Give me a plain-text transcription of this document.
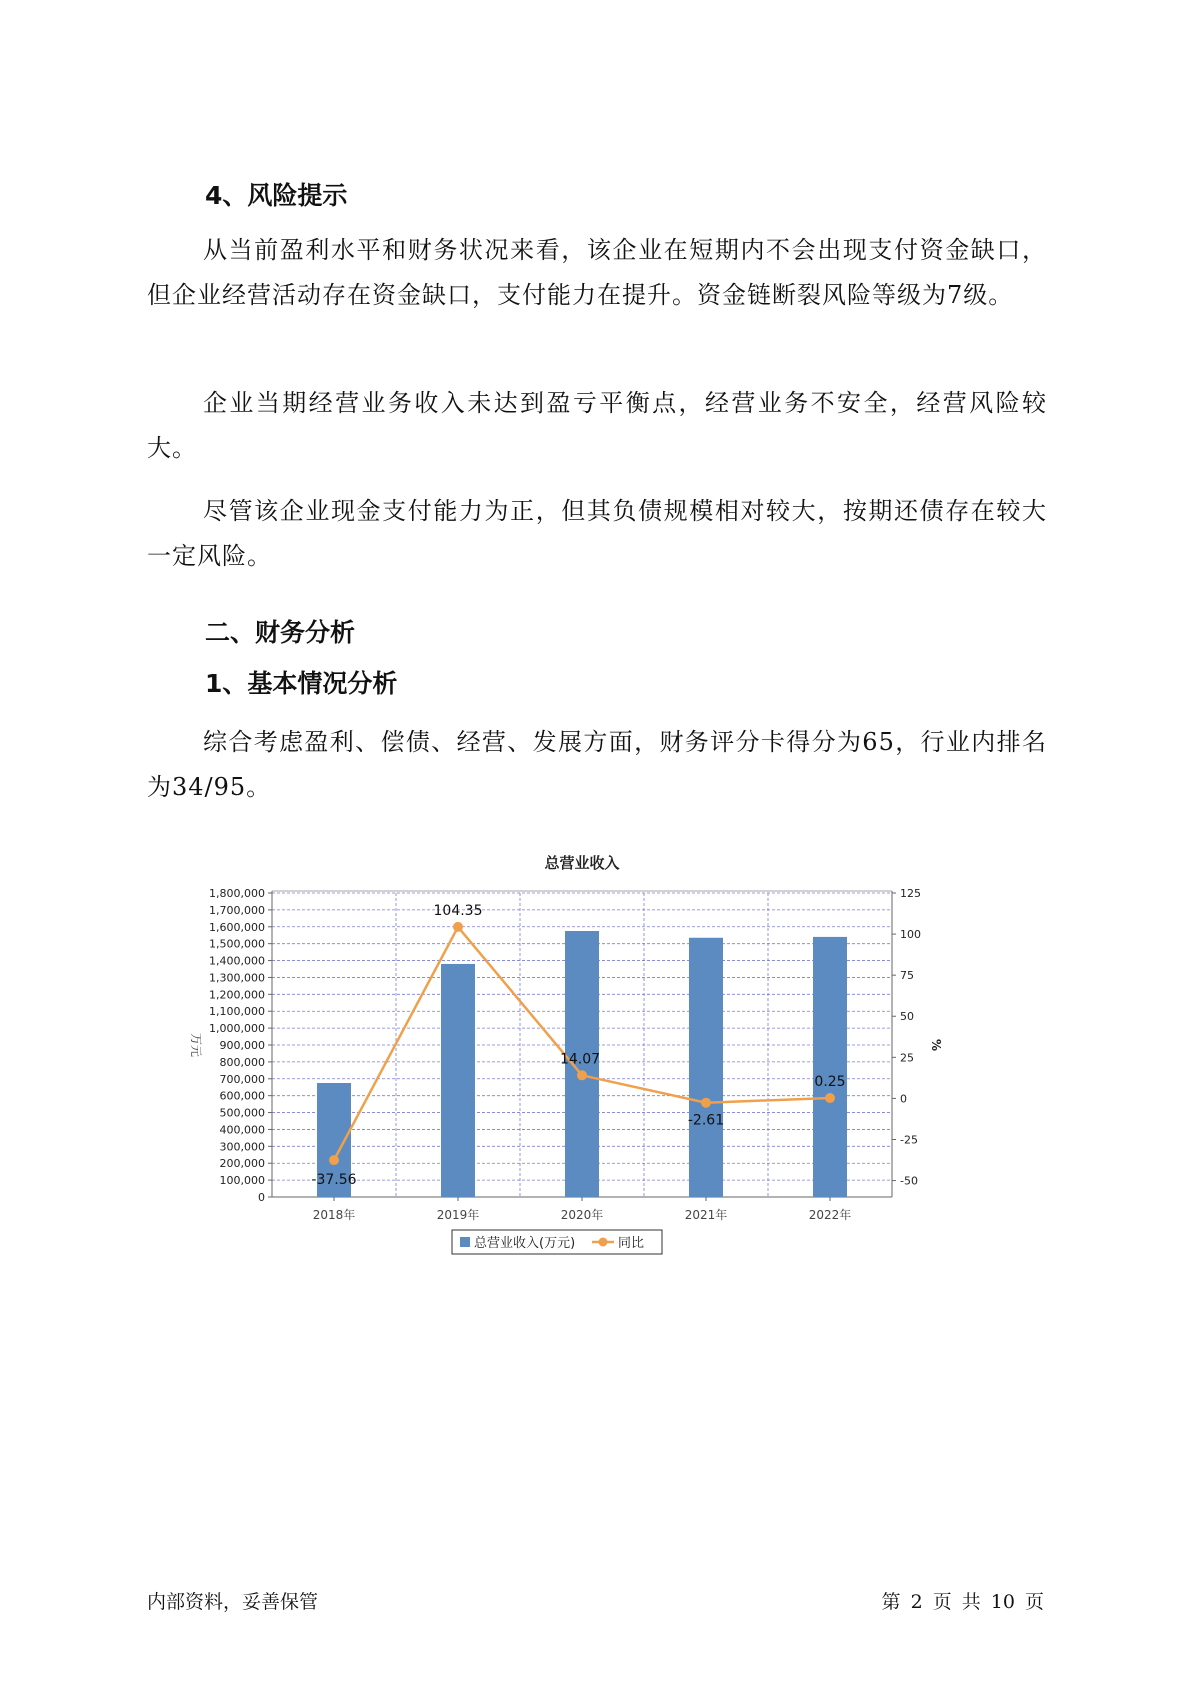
4、风险提示

从当前盈利水平和财务状况来看，该企业在短期内不会出现支付资金缺口，但企业经营活动存在资金缺口，支付能力在提升。资金链断裂风险等级为7级。

企业当期经营业务收入未达到盈亏平衡点，经营业务不安全，经营风险较大。

尽管该企业现金支付能力为正，但其负债规模相对较大，按期还债存在较大一定风险。

二、财务分析
1、基本情况分析

综合考虑盈利、偿债、经营、发展方面，财务评分卡得分为65，行业内排名为34/95。

总营业收入
0
100,000
200,000
300,000
400,000
500,000
600,000
700,000
800,000
900,000
1,000,000
1,100,000
1,200,000
1,300,000
1,400,000
1,500,000
1,600,000
1,700,000
1,800,000
-50
-25
0
25
50
75
100
125
万元	%
2018年	2019年	2020年	2021年	2022年
-37.56
104.35
14.07
-2.61
0.25
总营业收入(万元)	同比
内部资料，妥善保管	第 2 页 共 10 页
